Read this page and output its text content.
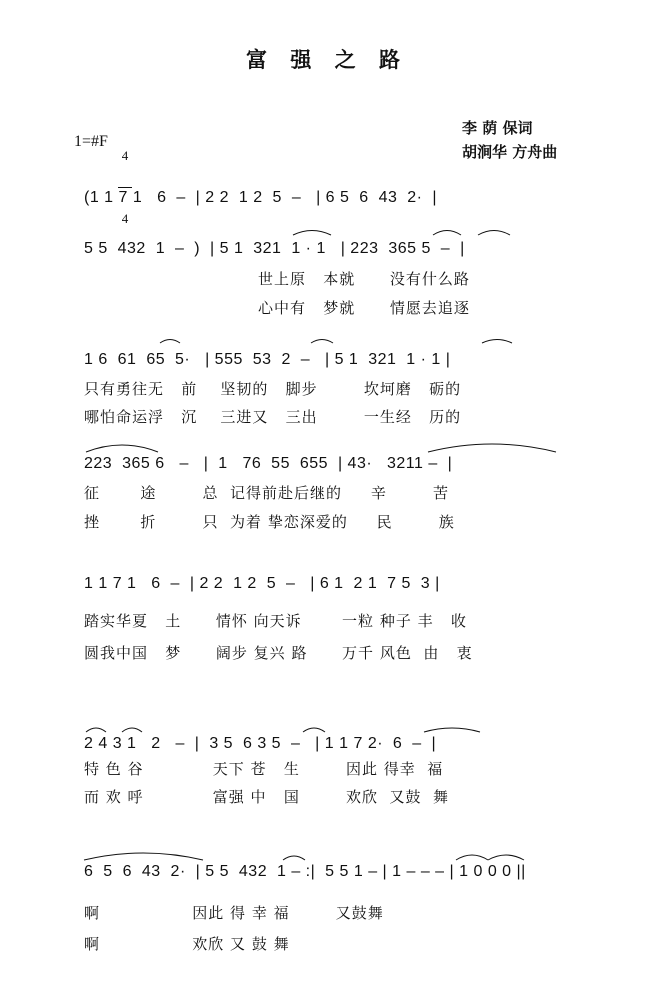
富 强 之 路
1=#F

4

4

李 荫 保词
胡涧华 方舟曲
(1 1 7 1   6  –  | 2 2  1 2  5  –   | 6 5  6  43  2·  |
5 5  432  1  –  )  | 5 1  321  1 · 1   | 223  365 5  –  |
世上原   本就      没有什么路
心中有   梦就      情愿去追逐
1 6  61  65  5·   | 555  53  2  –   | 5 1  321  1 · 1 |
只有勇往无   前    坚韧的   脚步        坎坷磨   砺的
哪怕命运浮   沉    三进又   三出        一生经   历的
223  365 6   –   |  1   76  55  655  | 43·   3211 –  |
征       途        总  记得前赴后继的     辛        苦
挫       折        只  为着 挚恋深爱的     民        族
1 1 7 1   6  –  | 2 2  1 2  5  –   | 6 1  2 1  7 5  3 |
踏实华夏   土      情怀 向天诉       一粒 种子 丰   收
圆我中国   梦      阔步 复兴 路      万千 风色  由   衷
2 4 3 1   2   –  |  3 5  6 3 5  –   | 1 1 7 2·  6  –  |
特 色 谷            天下 苍   生        因此 得幸  福
而 欢 呼            富强 中   国        欢欣  又鼓  舞
6  5  6  43  2·  | 5 5  432  1 – :|  5 5 1 – | 1 – – – | 1 0 0 0 ||
啊                因此 得 幸 福        又鼓舞
啊                欢欣 又 鼓 舞
